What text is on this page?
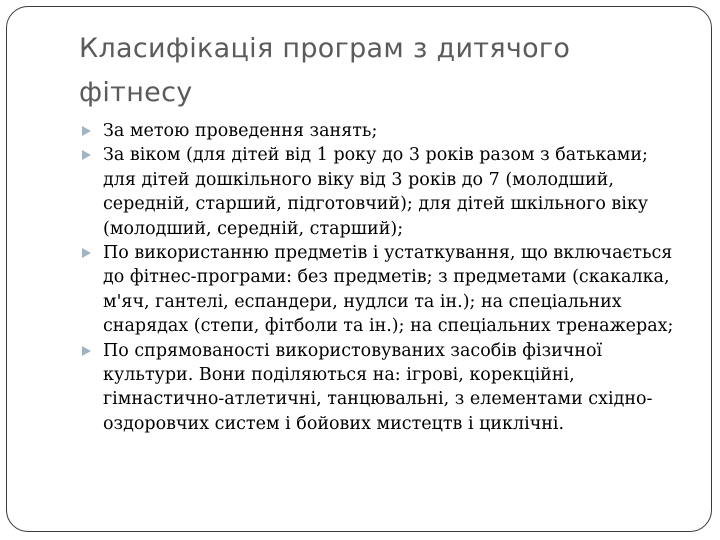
Класифікація програм з дитячого фітнесу
За метою проведення занять;
За віком (для дітей від 1 року до 3 років разом з батьками; для дітей дошкільного віку від 3 років до 7 (молодший, середній, старший, підготовчий); для дітей шкільного віку (молодший, середній, старший);
По використанню предметів і устаткування, що включається до фітнес-програми: без предметів; з предметами (скакалка, м'яч, гантелі, еспандери, нудлси та ін.); на спеціальних снарядах (степи, фітболи та ін.); на спеціальних тренажерах;
По спрямованості використовуваних засобів фізичної культури. Вони поділяються на: ігрові, корекційні, гімнастично-атлетичні, танцювальні, з елементами східно-оздоровчих систем і бойових мистецтв і циклічні.
